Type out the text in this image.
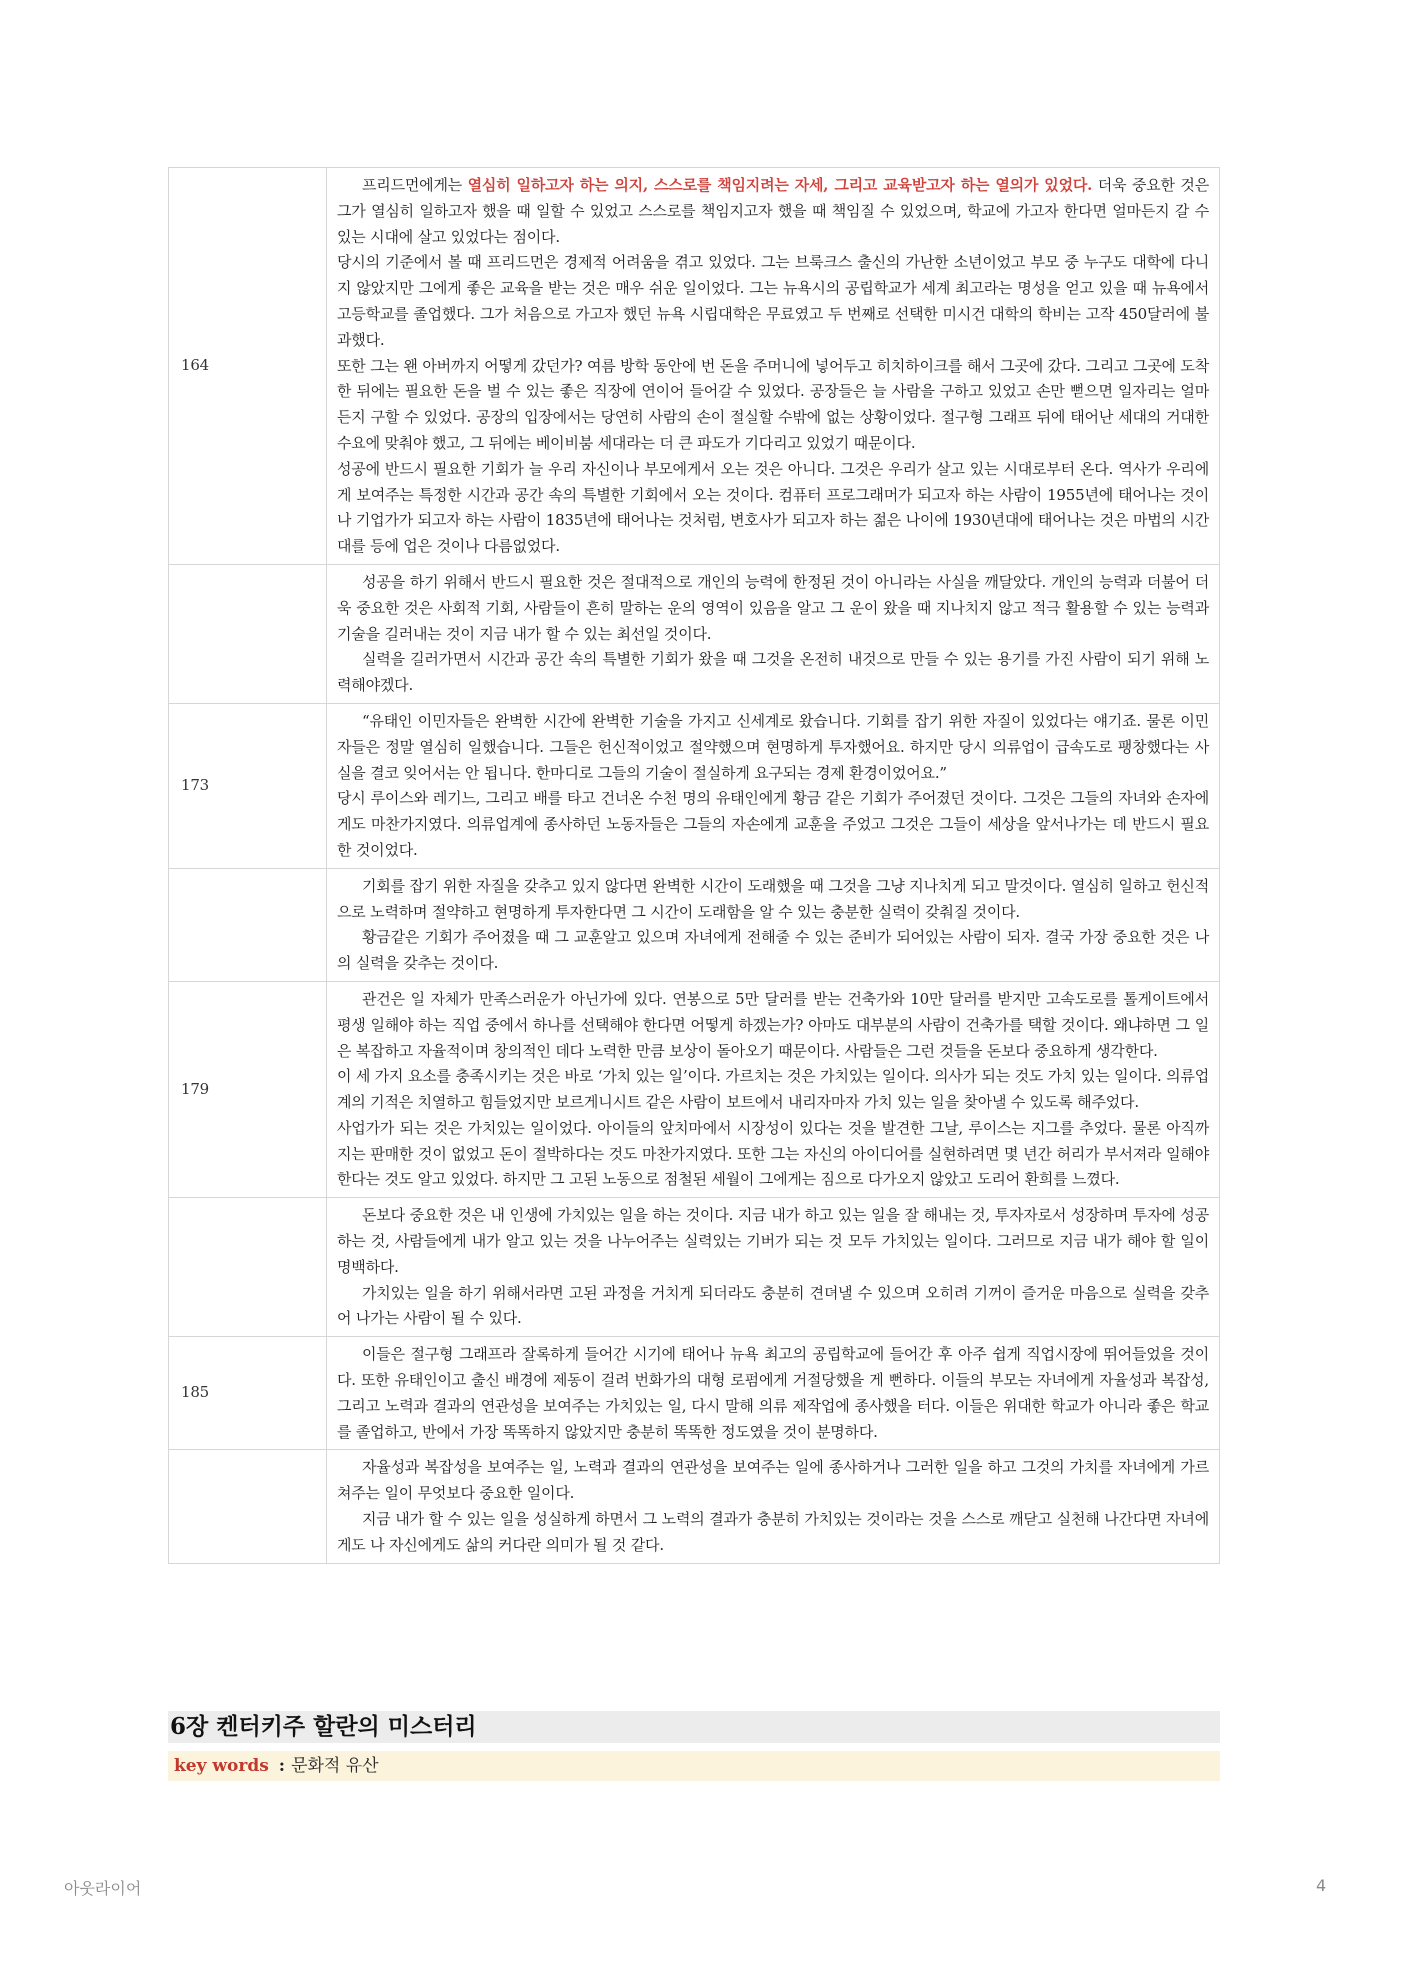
164	프리드먼에게는 열심히 일하고자 하는 의지, 스스로를 책임지려는 자세, 그리고 교육받고자 하는 열의가 있었다. 더욱 중요한 것은 그가 열심히 일하고자 했을 때 일할 수 있었고 스스로를 책임지고자 했을 때 책임질 수 있었으며, 학교에 가고자 한다면 얼마든지 갈 수 있는 시대에 살고 있었다는 점이다.

당시의 기준에서 볼 때 프리드먼은 경제적 어려움을 겪고 있었다. 그는 브룩크스 출신의 가난한 소년이었고 부모 중 누구도 대학에 다니지 않았지만 그에게 좋은 교육을 받는 것은 매우 쉬운 일이었다. 그는 뉴욕시의 공립학교가 세계 최고라는 명성을 얻고 있을 때 뉴욕에서 고등학교를 졸업했다. 그가 처음으로 가고자 했던 뉴욕 시립대학은 무료였고 두 번째로 선택한 미시건 대학의 학비는 고작 450달러에 불과했다.

또한 그는 왠 아버까지 어떻게 갔던가? 여름 방학 동안에 번 돈을 주머니에 넣어두고 히치하이크를 해서 그곳에 갔다. 그리고 그곳에 도착한 뒤에는 필요한 돈을 벌 수 있는 좋은 직장에 연이어 들어갈 수 있었다. 공장들은 늘 사람을 구하고 있었고 손만 뻗으면 일자리는 얼마든지 구할 수 있었다. 공장의 입장에서는 당연히 사람의 손이 절실할 수밖에 없는 상황이었다. 절구형 그래프 뒤에 태어난 세대의 거대한 수요에 맞춰야 했고, 그 뒤에는 베이비붐 세대라는 더 큰 파도가 기다리고 있었기 때문이다.

성공에 반드시 필요한 기회가 늘 우리 자신이나 부모에게서 오는 것은 아니다. 그것은 우리가 살고 있는 시대로부터 온다. 역사가 우리에게 보여주는 특정한 시간과 공간 속의 특별한 기회에서 오는 것이다. 컴퓨터 프로그래머가 되고자 하는 사람이 1955년에 태어나는 것이나 기업가가 되고자 하는 사람이 1835년에 태어나는 것처럼, 변호사가 되고자 하는 젊은 나이에 1930년대에 태어나는 것은 마법의 시간대를 등에 업은 것이나 다름없었다.

	성공을 하기 위해서 반드시 필요한 것은 절대적으로 개인의 능력에 한정된 것이 아니라는 사실을 깨달았다. 개인의 능력과 더불어 더욱 중요한 것은 사회적 기회, 사람들이 흔히 말하는 운의 영역이 있음을 알고 그 운이 왔을 때 지나치지 않고 적극 활용할 수 있는 능력과 기술을 길러내는 것이 지금 내가 할 수 있는 최선일 것이다.

실력을 길러가면서 시간과 공간 속의 특별한 기회가 왔을 때 그것을 온전히 내것으로 만들 수 있는 용기를 가진 사람이 되기 위해 노력해야겠다.

173	“유태인 이민자들은 완벽한 시간에 완벽한 기술을 가지고 신세계로 왔습니다. 기회를 잡기 위한 자질이 있었다는 얘기죠. 물론 이민자들은 정말 열심히 일했습니다. 그들은 헌신적이었고 절약했으며 현명하게 투자했어요. 하지만 당시 의류업이 급속도로 팽창했다는 사실을 결코 잊어서는 안 됩니다. 한마디로 그들의 기술이 절실하게 요구되는 경제 환경이었어요.”

당시 루이스와 레기느, 그리고 배를 타고 건너온 수천 명의 유태인에게 황금 같은 기회가 주어졌던 것이다. 그것은 그들의 자녀와 손자에게도 마찬가지였다. 의류업계에 종사하던 노동자들은 그들의 자손에게 교훈을 주었고 그것은 그들이 세상을 앞서나가는 데 반드시 필요한 것이었다.

	기회를 잡기 위한 자질을 갖추고 있지 않다면 완벽한 시간이 도래했을 때 그것을 그냥 지나치게 되고 말것이다. 열심히 일하고 헌신적으로 노력하며 절약하고 현명하게 투자한다면 그 시간이 도래함을 알 수 있는 충분한 실력이 갖춰질 것이다.

황금같은 기회가 주어졌을 때 그 교훈알고 있으며 자녀에게 전해줄 수 있는 준비가 되어있는 사람이 되자. 결국 가장 중요한 것은 나의 실력을 갖추는 것이다.

179	관건은 일 자체가 만족스러운가 아닌가에 있다. 연봉으로 5만 달러를 받는 건축가와 10만 달러를 받지만 고속도로를 톨게이트에서 평생 일해야 하는 직업 중에서 하나를 선택해야 한다면 어떻게 하겠는가? 아마도 대부분의 사람이 건축가를 택할 것이다. 왜냐하면 그 일은 복잡하고 자율적이며 창의적인 데다 노력한 만큼 보상이 돌아오기 때문이다. 사람들은 그런 것들을 돈보다 중요하게 생각한다.

이 세 가지 요소를 충족시키는 것은 바로 ‘가치 있는 일’이다. 가르치는 것은 가치있는 일이다. 의사가 되는 것도 가치 있는 일이다. 의류업계의 기적은 치열하고 힘들었지만 보르게니시트 같은 사람이 보트에서 내리자마자 가치 있는 일을 찾아낼 수 있도록 해주었다.

사업가가 되는 것은 가치있는 일이었다. 아이들의 앞치마에서 시장성이 있다는 것을 발견한 그날, 루이스는 지그를 추었다. 물론 아직까지는 판매한 것이 없었고 돈이 절박하다는 것도 마찬가지였다. 또한 그는 자신의 아이디어를 실현하려면 몇 년간 허리가 부서져라 일해야 한다는 것도 알고 있었다. 하지만 그 고된 노동으로 점철된 세월이 그에게는 짐으로 다가오지 않았고 도리어 환희를 느꼈다.

	돈보다 중요한 것은 내 인생에 가치있는 일을 하는 것이다. 지금 내가 하고 있는 일을 잘 해내는 것, 투자자로서 성장하며 투자에 성공하는 것, 사람들에게 내가 알고 있는 것을 나누어주는 실력있는 기버가 되는 것 모두 가치있는 일이다. 그러므로 지금 내가 해야 할 일이 명백하다.

가치있는 일을 하기 위해서라면 고된 과정을 거치게 되더라도 충분히 견뎌낼 수 있으며 오히려 기꺼이 즐거운 마음으로 실력을 갖추어 나가는 사람이 될 수 있다.

185	이들은 절구형 그래프라 잘록하게 들어간 시기에 태어나 뉴욕 최고의 공립학교에 들어간 후 아주 쉽게 직업시장에 뛰어들었을 것이다. 또한 유태인이고 출신 배경에 제동이 걸려 번화가의 대형 로펌에게 거절당했을 게 뻔하다. 이들의 부모는 자녀에게 자율성과 복잡성, 그리고 노력과 결과의 연관성을 보여주는 가치있는 일, 다시 말해 의류 제작업에 종사했을 터다. 이들은 위대한 학교가 아니라 좋은 학교를 졸업하고, 반에서 가장 똑똑하지 않았지만 충분히 똑똑한 정도였을 것이 분명하다.

	자율성과 복잡성을 보여주는 일, 노력과 결과의 연관성을 보여주는 일에 종사하거나 그러한 일을 하고 그것의 가치를 자녀에게 가르쳐주는 일이 무엇보다 중요한 일이다.

지금 내가 할 수 있는 일을 성실하게 하면서 그 노력의 결과가 충분히 가치있는 것이라는 것을 스스로 깨닫고 실천해 나간다면 자녀에게도 나 자신에게도 삶의 커다란 의미가 될 것 같다.

6장 켄터키주 할란의 미스터리
key words : 문화적 유산
아웃라이어	4
